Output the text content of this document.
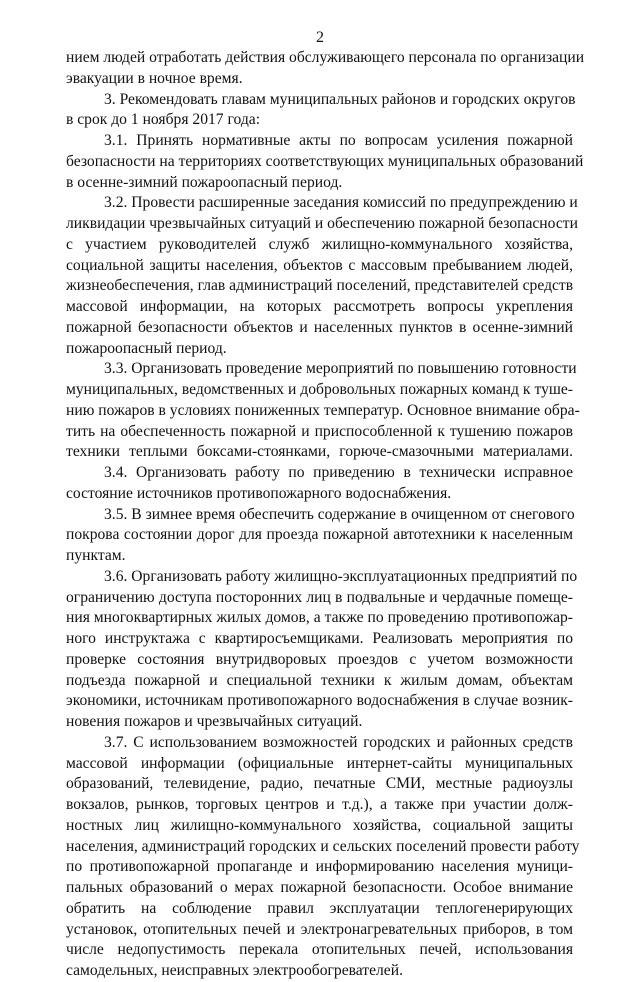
2
нием людей отработать действия обслуживающего персонала по организации
эвакуации в ночное время.
3. Рекомендовать главам муниципальных районов и городских округов
в срок до 1 ноября 2017 года:
3.1. Принять нормативные акты по вопросам усиления пожарной
безопасности на территориях соответствующих муниципальных образований
в осенне-зимний пожароопасный период.
3.2. Провести расширенные заседания комиссий по предупреждению и
ликвидации чрезвычайных ситуаций и обеспечению пожарной безопасности
с участием руководителей служб жилищно-коммунального хозяйства,
социальной защиты населения, объектов с массовым пребыванием людей,
жизнеобеспечения, глав администраций поселений, представителей средств
массовой информации, на которых рассмотреть вопросы укрепления
пожарной безопасности объектов и населенных пунктов в осенне-зимний
пожароопасный период.
3.3. Организовать проведение мероприятий по повышению готовности
муниципальных, ведомственных и добровольных пожарных команд к туше-
нию пожаров в условиях пониженных температур. Основное внимание обра-
тить на обеспеченность пожарной и приспособленной к тушению пожаров
техники теплыми боксами-стоянками, горюче-смазочными материалами.
3.4. Организовать работу по приведению в технически исправное
состояние источников противопожарного водоснабжения.
3.5. В зимнее время обеспечить содержание в очищенном от снегового
покрова состоянии дорог для проезда пожарной автотехники к населенным
пунктам.
3.6. Организовать работу жилищно-эксплуатационных предприятий по
ограничению доступа посторонних лиц в подвальные и чердачные помеще-
ния многоквартирных жилых домов, а также по проведению противопожар-
ного инструктажа с квартиросъемщиками. Реализовать мероприятия по
проверке состояния внутридворовых проездов с учетом возможности
подъезда пожарной и специальной техники к жилым домам, объектам
экономики, источникам противопожарного водоснабжения в случае возник-
новения пожаров и чрезвычайных ситуаций.
3.7. С использованием возможностей городских и районных средств
массовой информации (официальные интернет-сайты муниципальных
образований, телевидение, радио, печатные СМИ, местные радиоузлы
вокзалов, рынков, торговых центров и т.д.), а также при участии долж-
ностных лиц жилищно-коммунального хозяйства, социальной защиты
населения, администраций городских и сельских поселений провести работу
по противопожарной пропаганде и информированию населения муници-
пальных образований о мерах пожарной безопасности. Особое внимание
обратить на соблюдение правил эксплуатации теплогенерирующих
установок, отопительных печей и электронагревательных приборов, в том
числе недопустимость перекала отопительных печей, использования
самодельных, неисправных электрообогревателей.
